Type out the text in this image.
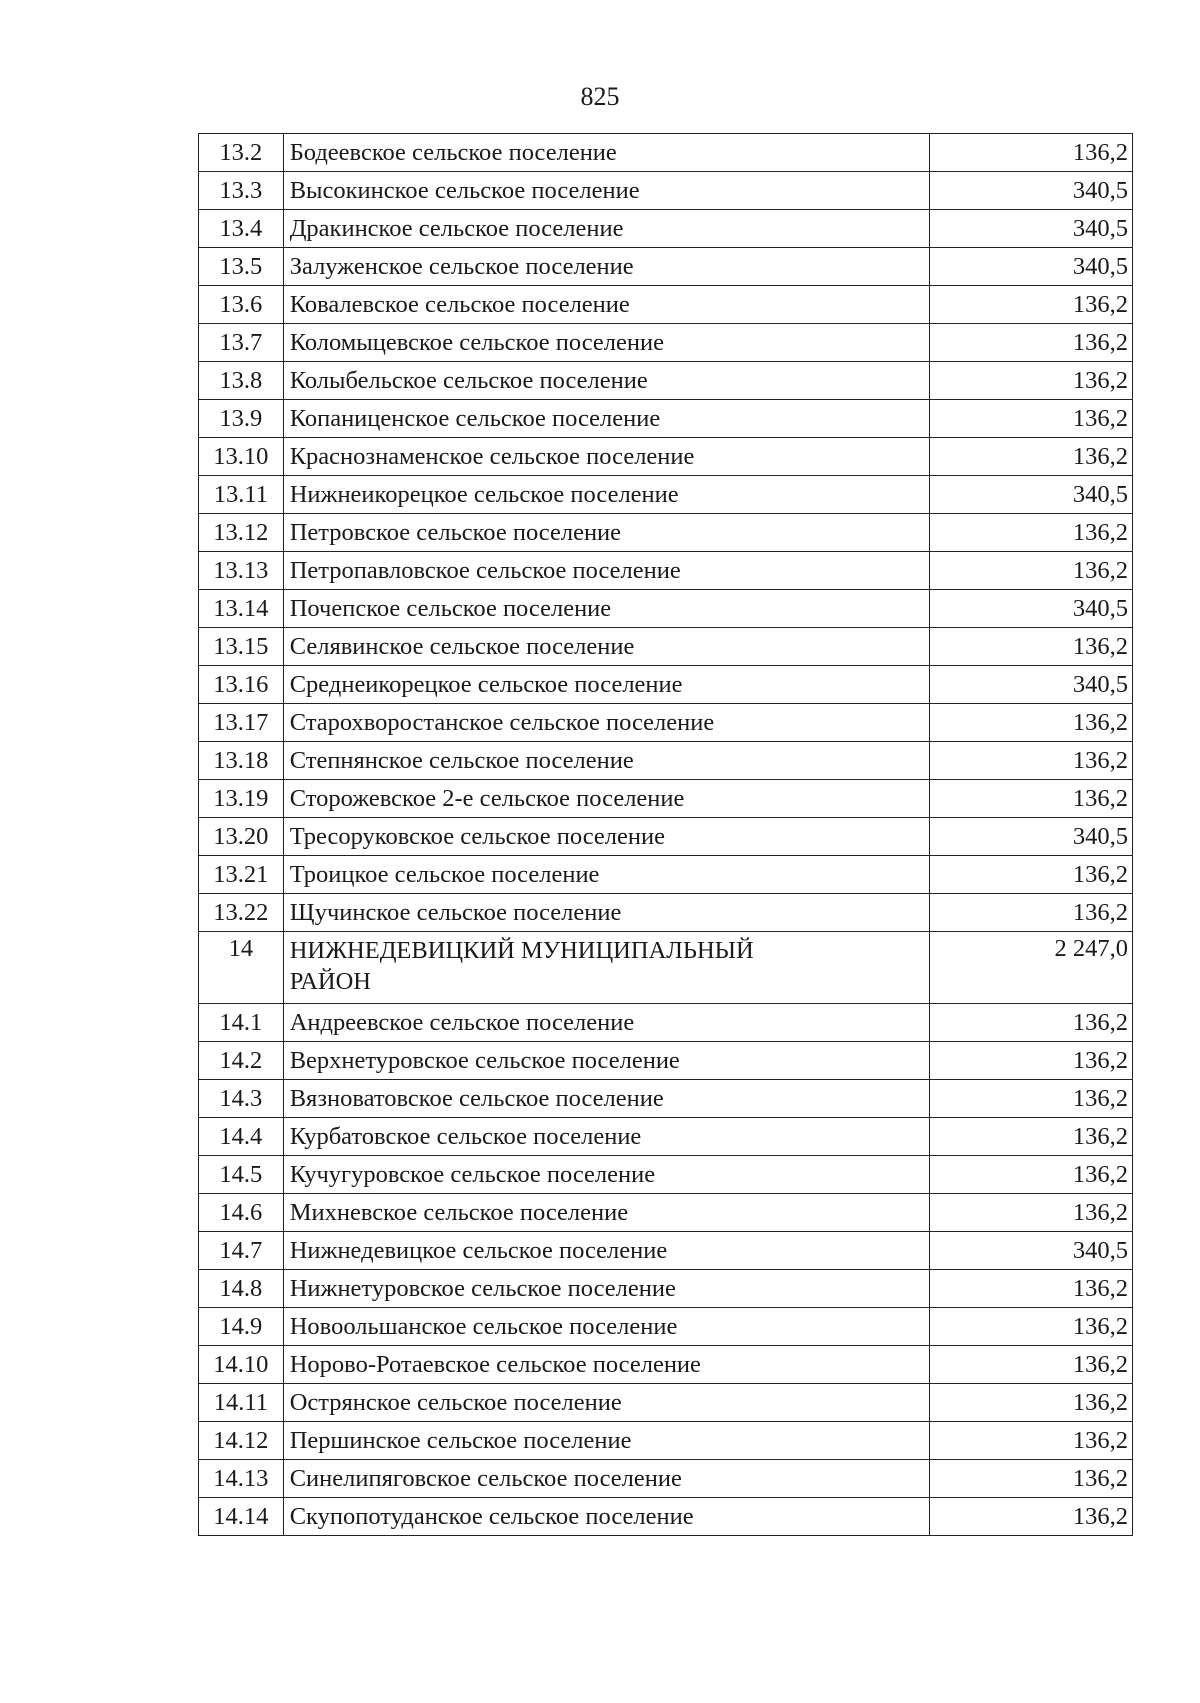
825
13.2	Бодеевское сельское поселение	136,2
13.3	Высокинское сельское поселение	340,5
13.4	Дракинское сельское поселение	340,5
13.5	Залуженское сельское поселение	340,5
13.6	Ковалевское сельское поселение	136,2
13.7	Коломыцевское сельское поселение	136,2
13.8	Колыбельское сельское поселение	136,2
13.9	Копаниценское сельское поселение	136,2
13.10	Краснознаменское сельское поселение	136,2
13.11	Нижнеикорецкое сельское поселение	340,5
13.12	Петровское сельское поселение	136,2
13.13	Петропавловское сельское поселение	136,2
13.14	Почепское сельское поселение	340,5
13.15	Селявинское сельское поселение	136,2
13.16	Среднеикорецкое сельское поселение	340,5
13.17	Старохворостанское сельское поселение	136,2
13.18	Степнянское сельское поселение	136,2
13.19	Сторожевское 2-е сельское поселение	136,2
13.20	Тресоруковское сельское поселение	340,5
13.21	Троицкое сельское поселение	136,2
13.22	Щучинское сельское поселение	136,2
14	НИЖНЕДЕВИЦКИЙ МУНИЦИПАЛЬНЫЙ РАЙОН	2 247,0
14.1	Андреевское сельское поселение	136,2
14.2	Верхнетуровское сельское поселение	136,2
14.3	Вязноватовское сельское поселение	136,2
14.4	Курбатовское сельское поселение	136,2
14.5	Кучугуровское сельское поселение	136,2
14.6	Михневское сельское поселение	136,2
14.7	Нижнедевицкое сельское поселение	340,5
14.8	Нижнетуровское сельское поселение	136,2
14.9	Новоольшанское сельское поселение	136,2
14.10	Норово-Ротаевское сельское поселение	136,2
14.11	Острянское сельское поселение	136,2
14.12	Першинское сельское поселение	136,2
14.13	Синелипяговское сельское поселение	136,2
14.14	Скупопотуданское сельское поселение	136,2
